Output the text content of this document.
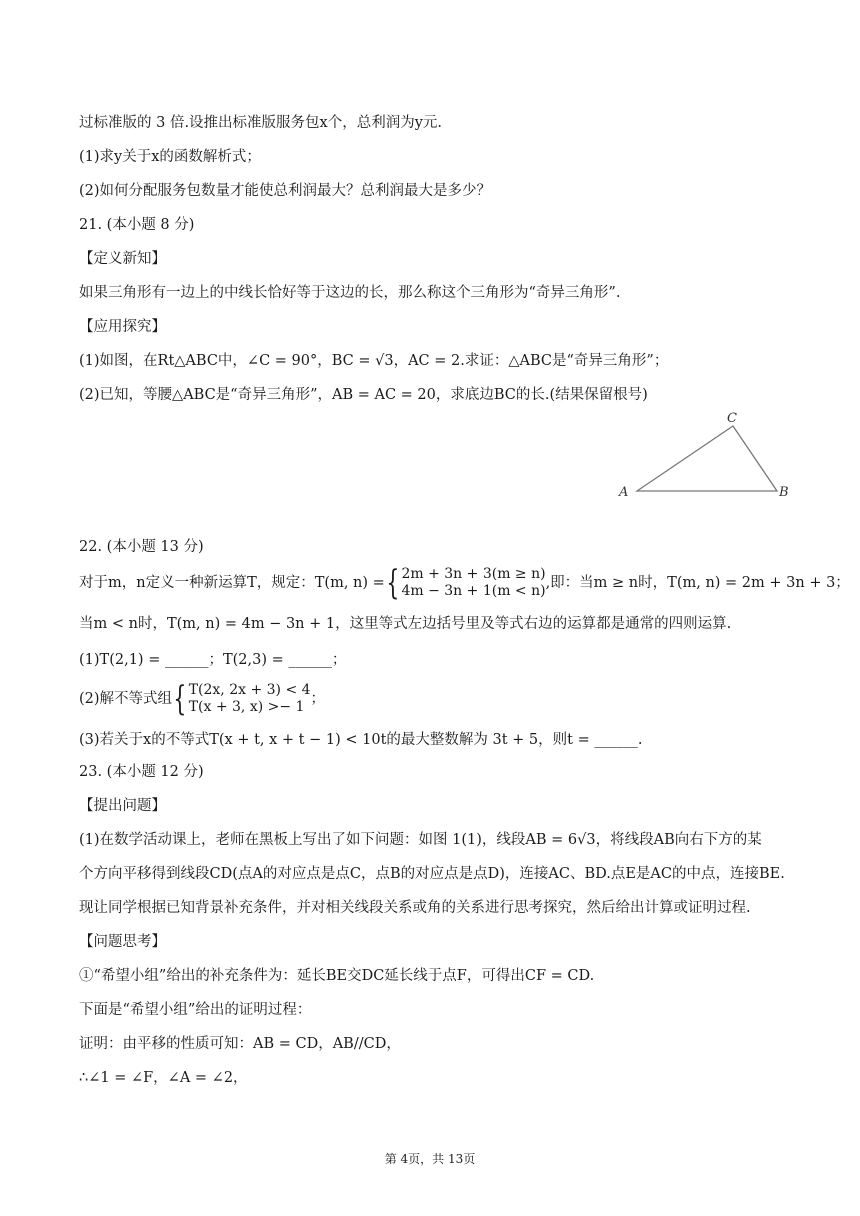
过标准版的 3 倍.设推出标准版服务包x个，总利润为y元.
(1)求y关于x的函数解析式；
(2)如何分配服务包数量才能使总利润最大？总利润最大是多少？
21. (本小题 8 分)
【定义新知】
如果三角形有一边上的中线长恰好等于这边的长，那么称这个三角形为“奇异三角形”.
【应用探究】
(1)如图，在Rt△ABC中，∠C = 90°，BC = √3，AC = 2.求证：△ABC是“奇异三角形”；
(2)已知，等腰△ABC是“奇异三角形”，AB = AC = 20，求底边BC的长.(结果保留根号)
A	B
C
22. (本小题 13 分)
对于m，n定义一种新运算T，规定：T(m, n) = { 2m + 3n + 3(m ≥ n)
4m − 3n + 1(m < n) ,即：当m ≥ n时，T(m, n) = 2m + 3n + 3；
当m < n时，T(m, n) = 4m − 3n + 1，这里等式左边括号里及等式右边的运算都是通常的四则运算.
(1)T(2,1) = ______；T(2,3) = ______；
(2)解不等式组 { T(2x, 2x + 3) < 4
T(x + 3, x) >− 1 ；
(3)若关于x的不等式T(x + t, x + t − 1) < 10t的最大整数解为 3t + 5，则t = ______.
23. (本小题 12 分)
【提出问题】
(1)在数学活动课上，老师在黑板上写出了如下问题：如图 1(1)，线段AB = 6√3，将线段AB向右下方的某
个方向平移得到线段CD(点A的对应点是点C，点B的对应点是点D)，连接AC、BD.点E是AC的中点，连接BE.
现让同学根据已知背景补充条件，并对相关线段关系或角的关系进行思考探究，然后给出计算或证明过程.
【问题思考】
①“希望小组”给出的补充条件为：延长BE交DC延长线于点F，可得出CF = CD.
下面是“希望小组”给出的证明过程：
证明：由平移的性质可知：AB = CD，AB//CD，
∴∠1 = ∠F，∠A = ∠2，
第 4页，共 13页
